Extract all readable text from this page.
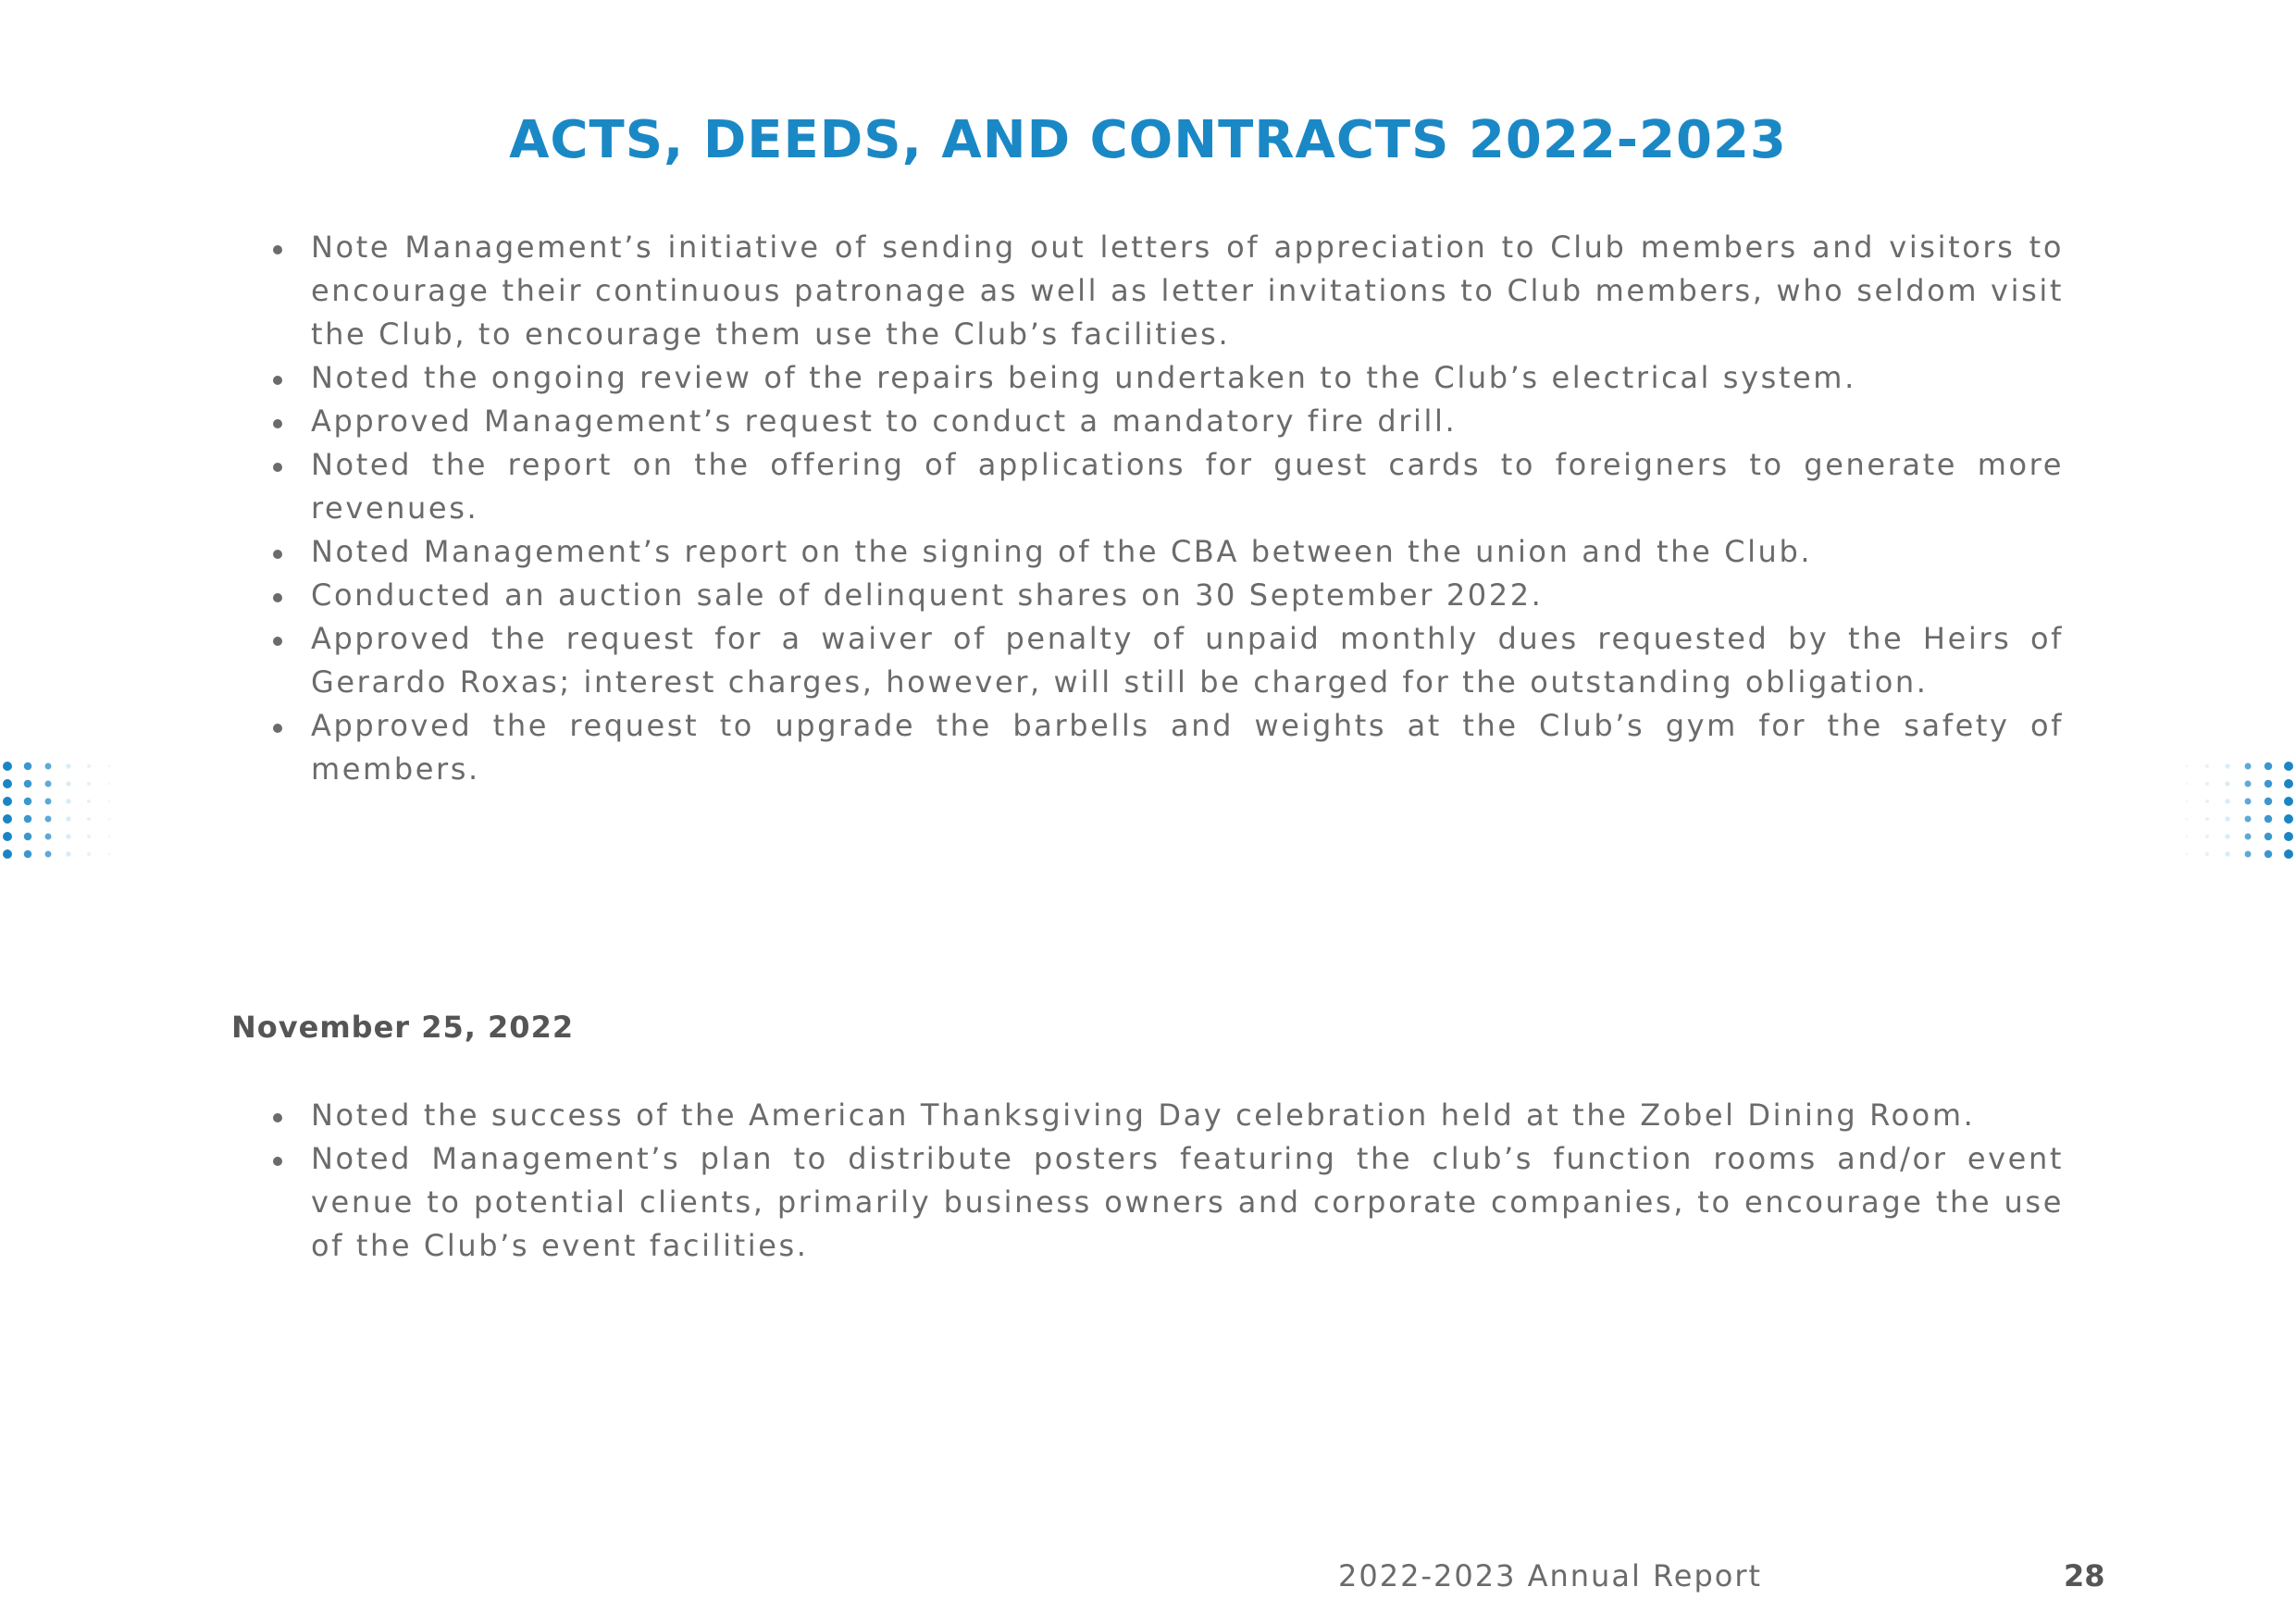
ACTS, DEEDS, AND CONTRACTS 2022-2023
Note Management’s initiative of sending out letters of appreciation to Club members and visitors to encourage their continuous patronage as well as letter invitations to Club members, who seldom visit the Club, to encourage them use the Club’s facilities.
Noted the ongoing review of the repairs being undertaken to the Club’s electrical system.
Approved Management’s request to conduct a mandatory fire drill.
Noted the report on the offering of applications for guest cards to foreigners to generate more revenues.
Noted Management’s report on the signing of the CBA between the union and the Club.
Conducted an auction sale of delinquent shares on 30 September 2022.
Approved the request for a waiver of penalty of unpaid monthly dues requested by the Heirs of Gerardo Roxas; interest charges, however, will still be charged for the outstanding obligation.
Approved the request to upgrade the barbells and weights at the Club’s gym for the safety of members.
November 25, 2022
Noted the success of the American Thanksgiving Day celebration held at the Zobel Dining Room.
Noted Management’s plan to distribute posters featuring the club’s function rooms and/or event venue to potential clients, primarily business owners and corporate companies, to encourage the use of the Club’s event facilities.
2022-2023 Annual Report	28
